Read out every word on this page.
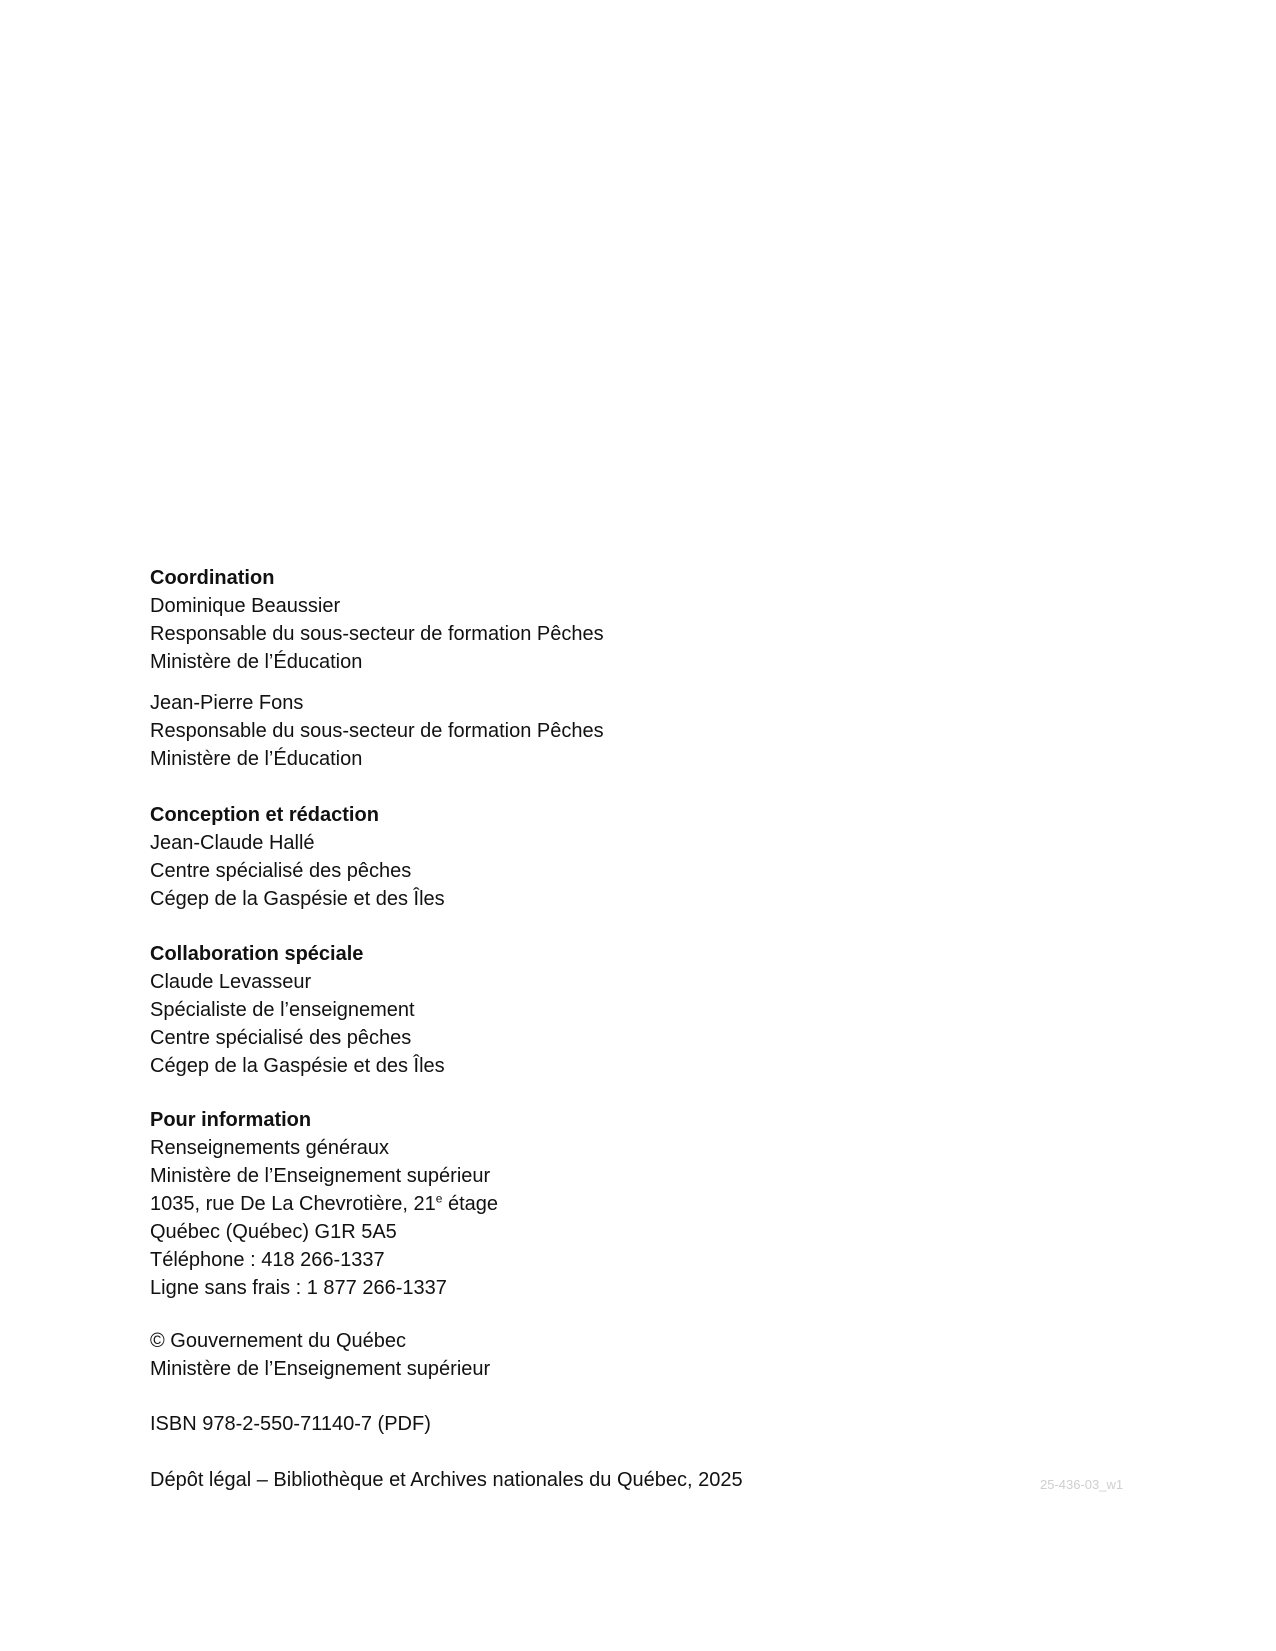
Coordination
Dominique Beaussier
Responsable du sous-secteur de formation Pêches
Ministère de l’Éducation
Jean-Pierre Fons
Responsable du sous-secteur de formation Pêches
Ministère de l’Éducation
Conception et rédaction
Jean-Claude Hallé
Centre spécialisé des pêches
Cégep de la Gaspésie et des Îles
Collaboration spéciale
Claude Levasseur
Spécialiste de l’enseignement
Centre spécialisé des pêches
Cégep de la Gaspésie et des Îles
Pour information
Renseignements généraux
Ministère de l’Enseignement supérieur
1035, rue De La Chevrotière, 21e étage
Québec (Québec) G1R 5A5
Téléphone : 418 266-1337
Ligne sans frais : 1 877 266-1337
© Gouvernement du Québec
Ministère de l’Enseignement supérieur
ISBN 978-2-550-71140-7 (PDF)
Dépôt légal – Bibliothèque et Archives nationales du Québec, 2025	25-436-03_w1
